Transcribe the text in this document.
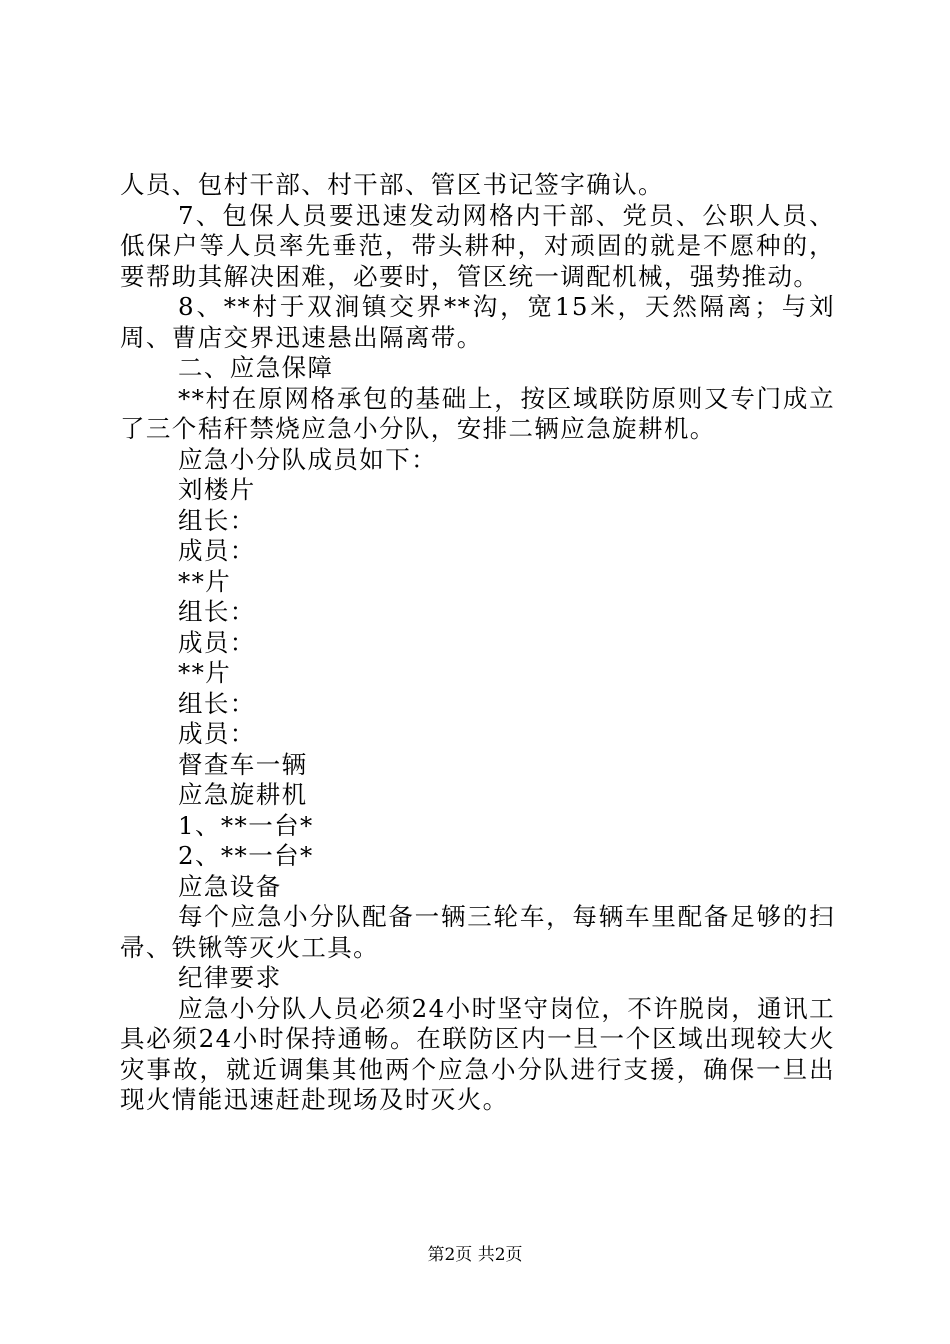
人员、包村干部、村干部、管区书记签字确认。

7、包保人员要迅速发动网格内干部、党员、公职人员、低保户等人员率先垂范，带头耕种，对顽固的就是不愿种的，要帮助其解决困难，必要时，管区统一调配机械，强势推动。

8、**村于双涧镇交界**沟，宽15米，天然隔离；与刘周、曹店交界迅速悬出隔离带。

二、应急保障

**村在原网格承包的基础上，按区域联防原则又专门成立了三个秸秆禁烧应急小分队，安排二辆应急旋耕机。

应急小分队成员如下：

刘楼片

组长：

成员：

**片

组长：

成员：

**片

组长：

成员：

督查车一辆

应急旋耕机

1、**一台*

2、**一台*

应急设备

每个应急小分队配备一辆三轮车，每辆车里配备足够的扫帚、铁锹等灭火工具。

纪律要求

应急小分队人员必须24小时坚守岗位，不许脱岗，通讯工具必须24小时保持通畅。在联防区内一旦一个区域出现较大火灾事故，就近调集其他两个应急小分队进行支援，确保一旦出现火情能迅速赶赴现场及时灭火。

第2页 共2页
